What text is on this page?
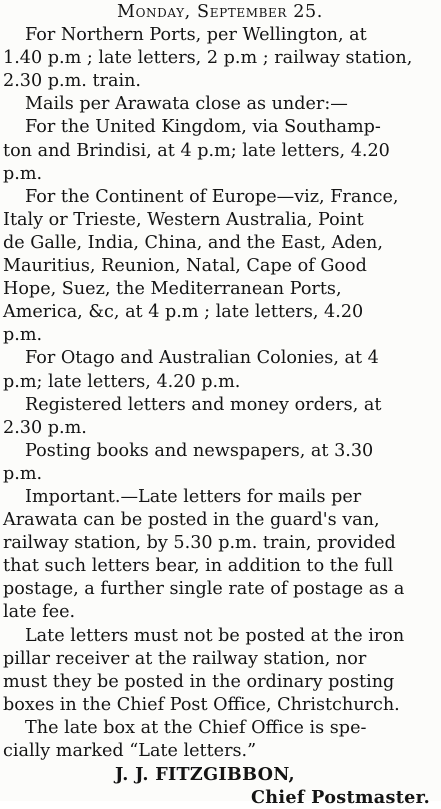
Monday, September 25.
For Northern Ports, per Wellington, at
1.40 p.m ; late letters, 2 p.m ; railway station,
2.30 p.m. train.
Mails per Arawata close as under:—
For the United Kingdom, via Southamp-
ton and Brindisi, at 4 p.m; late letters, 4.20
p.m.
For the Continent of Europe—viz, France,
Italy or Trieste, Western Australia, Point
de Galle, India, China, and the East, Aden,
Mauritius, Reunion, Natal, Cape of Good
Hope, Suez, the Mediterranean Ports,
America, &c, at 4 p.m ; late letters, 4.20
p.m.
For Otago and Australian Colonies, at 4
p.m; late letters, 4.20 p.m.
Registered letters and money orders, at
2.30 p.m.
Posting books and newspapers, at 3.30
p.m.
Important.—Late letters for mails per
Arawata can be posted in the guard's van,
railway station, by 5.30 p.m. train, provided
that such letters bear, in addition to the full
postage, a further single rate of postage as a
late fee.
Late letters must not be posted at the iron
pillar receiver at the railway station, nor
must they be posted in the ordinary posting
boxes in the Chief Post Office, Christchurch.
The late box at the Chief Office is spe-
cially marked “Late letters.”
J. J. FITZGIBBON,
Chief Postmaster.
